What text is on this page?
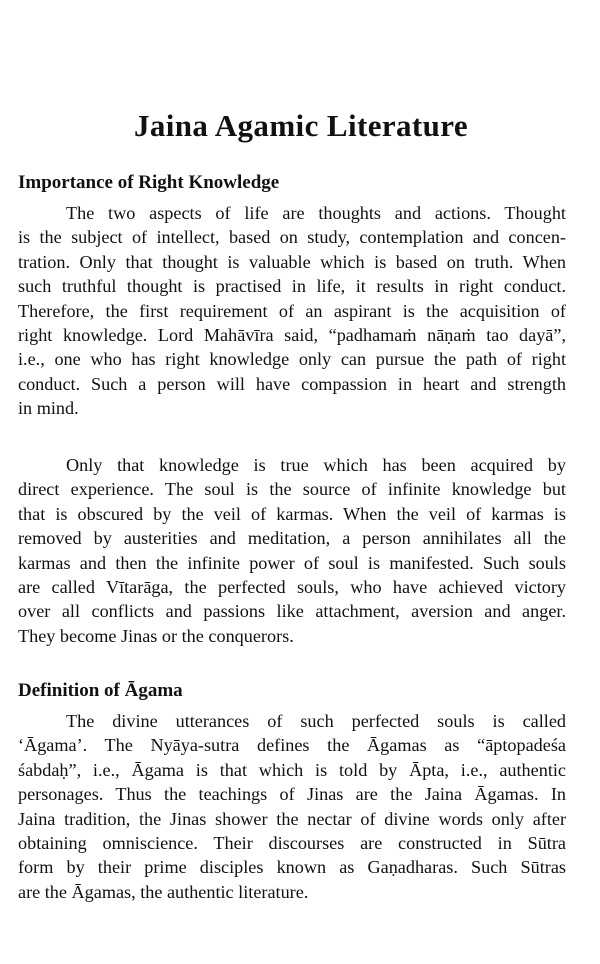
Jaina Agamic Literature
Importance of Right Knowledge
The two aspects of life are thoughts and actions. Thought
is the subject of intellect, based on study, contemplation and concen-
tration. Only that thought is valuable which is based on truth. When
such truthful thought is practised in life, it results in right conduct.
Therefore, the first requirement of an aspirant is the acquisition of
right knowledge. Lord Mahāvīra said, “padhamaṁ nāṇaṁ tao dayā”,
i.e., one who has right knowledge only can pursue the path of right
conduct. Such a person will have compassion in heart and strength
in mind.
Only that knowledge is true which has been acquired by
direct experience. The soul is the source of infinite knowledge but
that is obscured by the veil of karmas. When the veil of karmas is
removed by austerities and meditation, a person annihilates all the
karmas and then the infinite power of soul is manifested. Such souls
are called Vītarāga, the perfected souls, who have achieved victory
over all conflicts and passions like attachment, aversion and anger.
They become Jinas or the conquerors.
Definition of Āgama
The divine utterances of such perfected souls is called
‘Āgama’. The Nyāya-sutra defines the Āgamas as “āptopadeśa
śabdaḥ”, i.e., Āgama is that which is told by Āpta, i.e., authentic
personages. Thus the teachings of Jinas are the Jaina Āgamas. In
Jaina tradition, the Jinas shower the nectar of divine words only after
obtaining omniscience. Their discourses are constructed in Sūtra
form by their prime disciples known as Gaṇadharas. Such Sūtras
are the Āgamas, the authentic literature.
